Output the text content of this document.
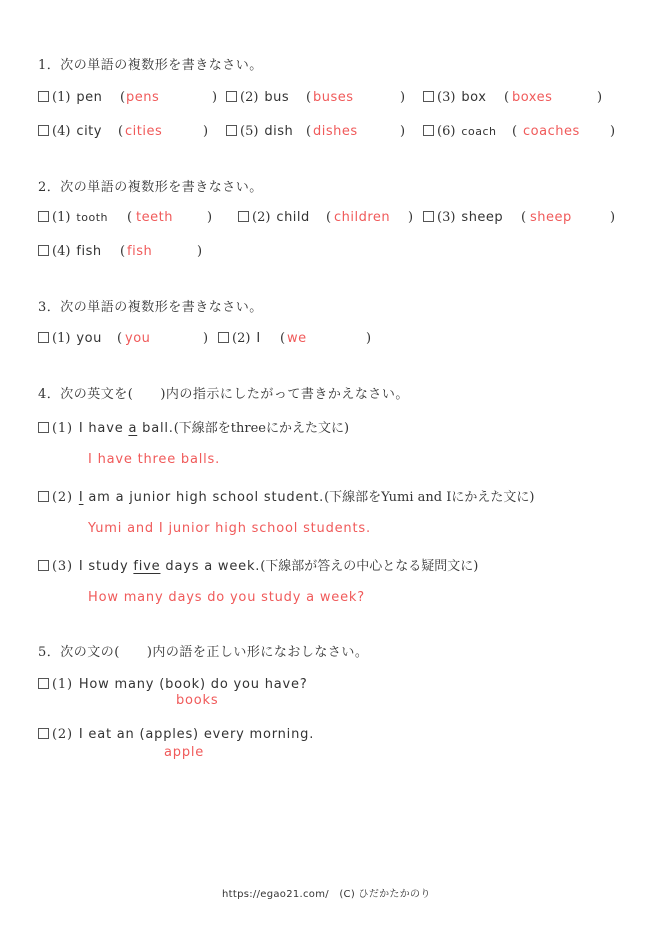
1．次の単語の複数形を書きなさい。
(1) pen ( pens	)	(2) bus ( buses	)	(3) box ( boxes	)
(4) city ( cities	)	(5) dish ( dishes	)	(6) coach ( coaches )
2．次の単語の複数形を書きなさい。
(1) tooth ( teeth	)	(2) child ( children )	(3) sheep ( sheep	)
(4) fish ( fish	)
3．次の単語の複数形を書きなさい。
(1) you ( you	)	(2) I ( we	)
4．次の英文を(　　)内の指示にしたがって書きかえなさい。
(1) I have a ball.(下線部をthreeにかえた文に)
I have three balls.
(2) I am a junior high school student.(下線部をYumi and Iにかえた文に)
Yumi and I junior high school students.
(3) I study five days a week.(下線部が答えの中心となる疑問文に)
How many days do you study a week?
5．次の文の(　　)内の語を正しい形になおしなさい。
(1) How many (book) do you have?
books
(2) I eat an (apples) every morning.
apple
https://egao21.com/ (C) ひだかたかのり
